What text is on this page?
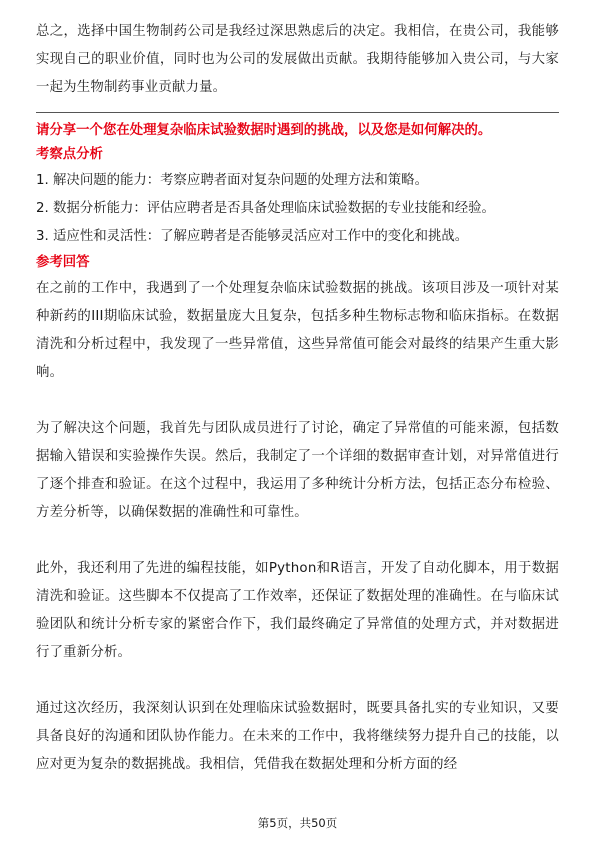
总之，选择中国生物制药公司是我经过深思熟虑后的决定。我相信，在贵公司，我能够实现自己的职业价值，同时也为公司的发展做出贡献。我期待能够加入贵公司，与大家一起为生物制药事业贡献力量。

请分享一个您在处理复杂临床试验数据时遇到的挑战，以及您是如何解决的。

考察点分析

1. 解决问题的能力：考察应聘者面对复杂问题的处理方法和策略。

2. 数据分析能力：评估应聘者是否具备处理临床试验数据的专业技能和经验。

3. 适应性和灵活性：了解应聘者是否能够灵活应对工作中的变化和挑战。

参考回答

在之前的工作中，我遇到了一个处理复杂临床试验数据的挑战。该项目涉及一项针对某种新药的III期临床试验，数据量庞大且复杂，包括多种生物标志物和临床指标。在数据清洗和分析过程中，我发现了一些异常值，这些异常值可能会对最终的结果产生重大影响。

为了解决这个问题，我首先与团队成员进行了讨论，确定了异常值的可能来源，包括数据输入错误和实验操作失误。然后，我制定了一个详细的数据审查计划，对异常值进行了逐个排查和验证。在这个过程中，我运用了多种统计分析方法，包括正态分布检验、方差分析等，以确保数据的准确性和可靠性。

此外，我还利用了先进的编程技能，如Python和R语言，开发了自动化脚本，用于数据清洗和验证。这些脚本不仅提高了工作效率，还保证了数据处理的准确性。在与临床试验团队和统计分析专家的紧密合作下，我们最终确定了异常值的处理方式，并对数据进行了重新分析。

通过这次经历，我深刻认识到在处理临床试验数据时，既要具备扎实的专业知识，又要具备良好的沟通和团队协作能力。在未来的工作中，我将继续努力提升自己的技能，以应对更为复杂的数据挑战。我相信，凭借我在数据处理和分析方面的经

第5页，共50页
